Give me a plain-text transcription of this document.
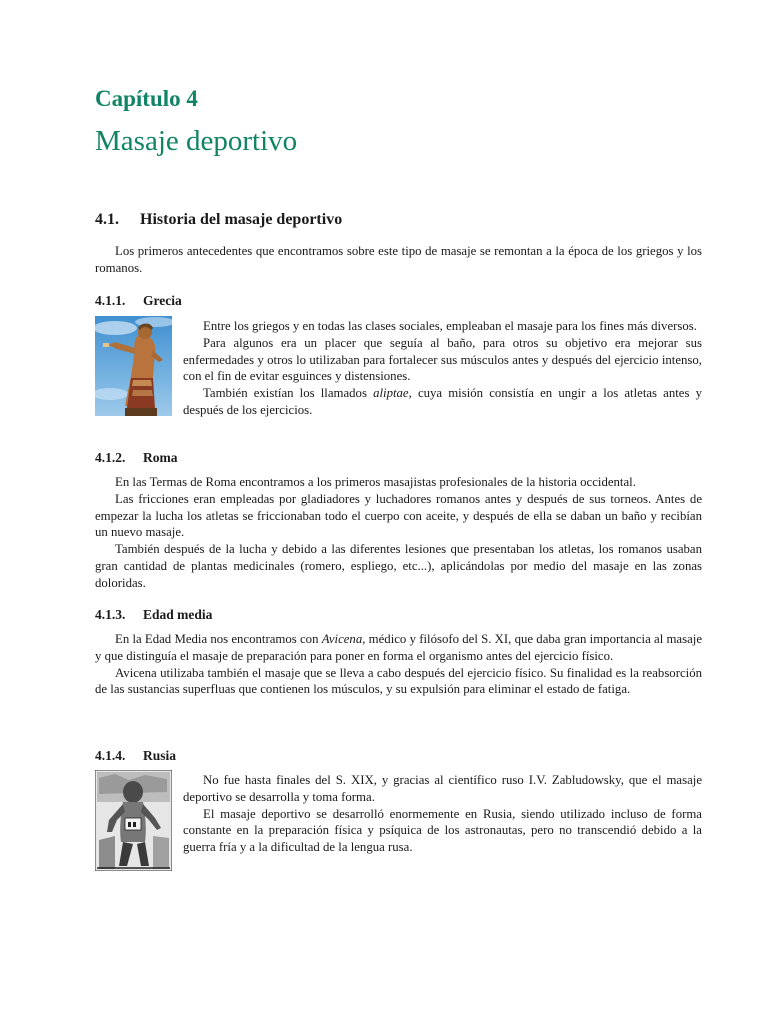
Capítulo 4
Masaje deportivo
4.1. Historia del masaje deportivo

Los primeros antecedentes que encontramos sobre este tipo de masaje se remontan a la época de los griegos y los romanos.

4.1.1. Grecia

Entre los griegos y en todas las clases sociales, empleaban el masaje para los fines más diversos.

Para algunos era un placer que seguía al baño, para otros su objetivo era mejorar sus enfermedades y otros lo utilizaban para fortalecer sus músculos antes y después del ejercicio intenso, con el fin de evitar esguinces y distensiones.

También existían los llamados aliptae, cuya misión consistía en ungir a los atletas antes y después de los ejercicios.

4.1.2. Roma

En las Termas de Roma encontramos a los primeros masajistas profesionales de la historia occidental.

Las fricciones eran empleadas por gladiadores y luchadores romanos antes y después de sus torneos. Antes de empezar la lucha los atletas se friccionaban todo el cuerpo con aceite, y después de ella se daban un baño y recibían un nuevo masaje.

También después de la lucha y debido a las diferentes lesiones que presentaban los atletas, los romanos usaban gran cantidad de plantas medicinales (romero, espliego, etc...), aplicándolas por medio del masaje en las zonas doloridas.

4.1.3. Edad media

En la Edad Media nos encontramos con Avicena, médico y filósofo del S. XI, que daba gran importancia al masaje y que distinguía el masaje de preparación para poner en forma el organismo antes del ejercicio físico.

Avicena utilizaba también el masaje que se lleva a cabo después del ejercicio físico. Su finalidad es la reabsorción de las sustancias superfluas que contienen los músculos, y su expulsión para eliminar el estado de fatiga.

4.1.4. Rusia

No fue hasta finales del S. XIX, y gracias al científico ruso I.V. Zabludowsky, que el masaje deportivo se desarrolla y toma forma.

El masaje deportivo se desarrolló enormemente en Rusia, siendo utilizado incluso de forma constante en la preparación física y psíquica de los astronautas, pero no transcendió debido a la guerra fría y a la dificultad de la lengua rusa.
